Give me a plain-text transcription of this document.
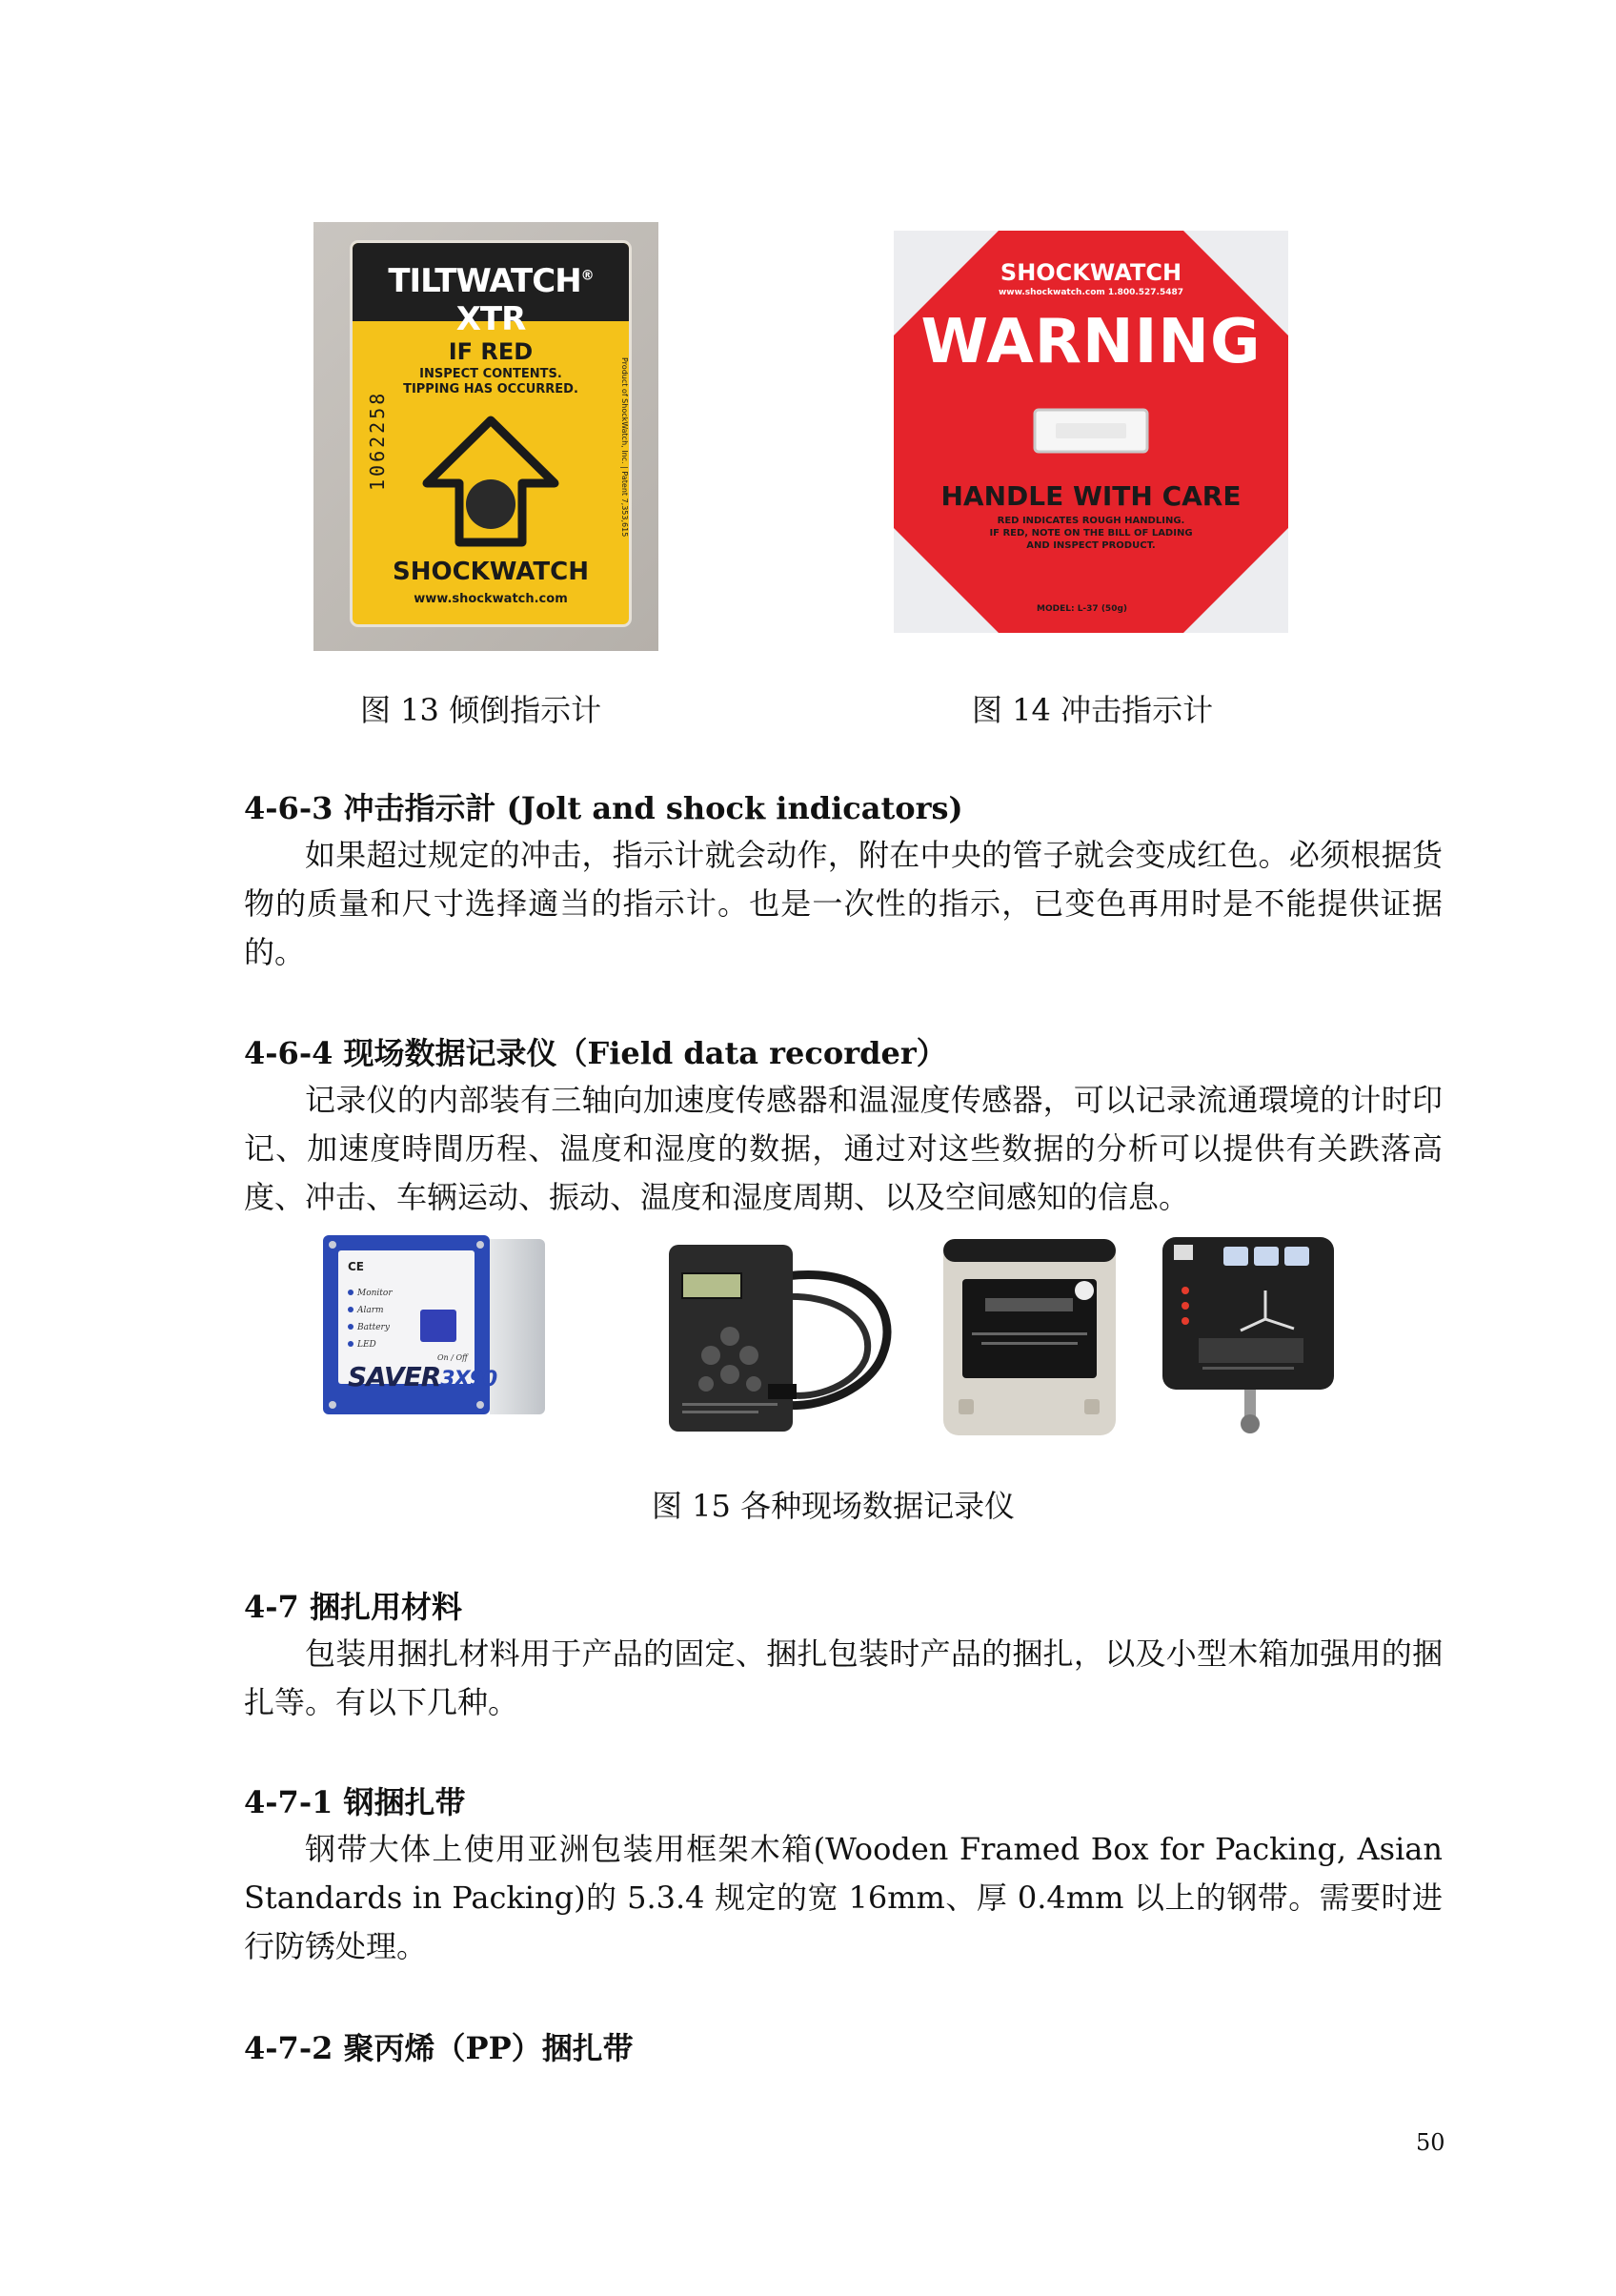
TILTWATCH® XTR
IF RED
INSPECT CONTENTS.
TIPPING HAS OCCURRED.
1062258	Product of ShockWatch, Inc. | Patent 7,353,615
SHOCKWATCH
www.shockwatch.com
图 13 倾倒指示计
SHOCKWATCH
www.shockwatch.com 1.800.527.5487
WARNING
HANDLE WITH CARE
RED INDICATES ROUGH HANDLING.
IF RED, NOTE ON THE BILL OF LADING
AND INSPECT PRODUCT.
MODEL: L-37 (50g)
图 14 冲击指示计
4-6-3 冲击指示計 (Jolt and shock indicators)

如果超过规定的冲击，指示计就会动作，附在中央的管子就会变成红色。必须根据货物的质量和尺寸选择適当的指示计。也是一次性的指示，已变色再用时是不能提供证据的。

4-6-4 现场数据记录仪（Field data recorder）

记录仪的内部装有三轴向加速度传感器和温湿度传感器，可以记录流通環境的计时印记、加速度時間历程、温度和湿度的数据，通过对这些数据的分析可以提供有关跌落高度、冲击、车辆运动、振动、温度和湿度周期、以及空间感知的信息。

CE
Monitor
Alarm
Battery
LED
On / Off
SAVER3X90
图 15 各种现场数据记录仪
4-7 捆扎用材料

包装用捆扎材料用于产品的固定、捆扎包装时产品的捆扎，以及小型木箱加强用的捆扎等。有以下几种。

4-7-1 钢捆扎带

钢带大体上使用亚洲包装用框架木箱(Wooden Framed Box for Packing, Asian Standards in Packing)的 5.3.4 规定的宽 16mm、厚 0.4mm 以上的钢带。需要时进行防锈处理。

4-7-2 聚丙烯（PP）捆扎带
50
